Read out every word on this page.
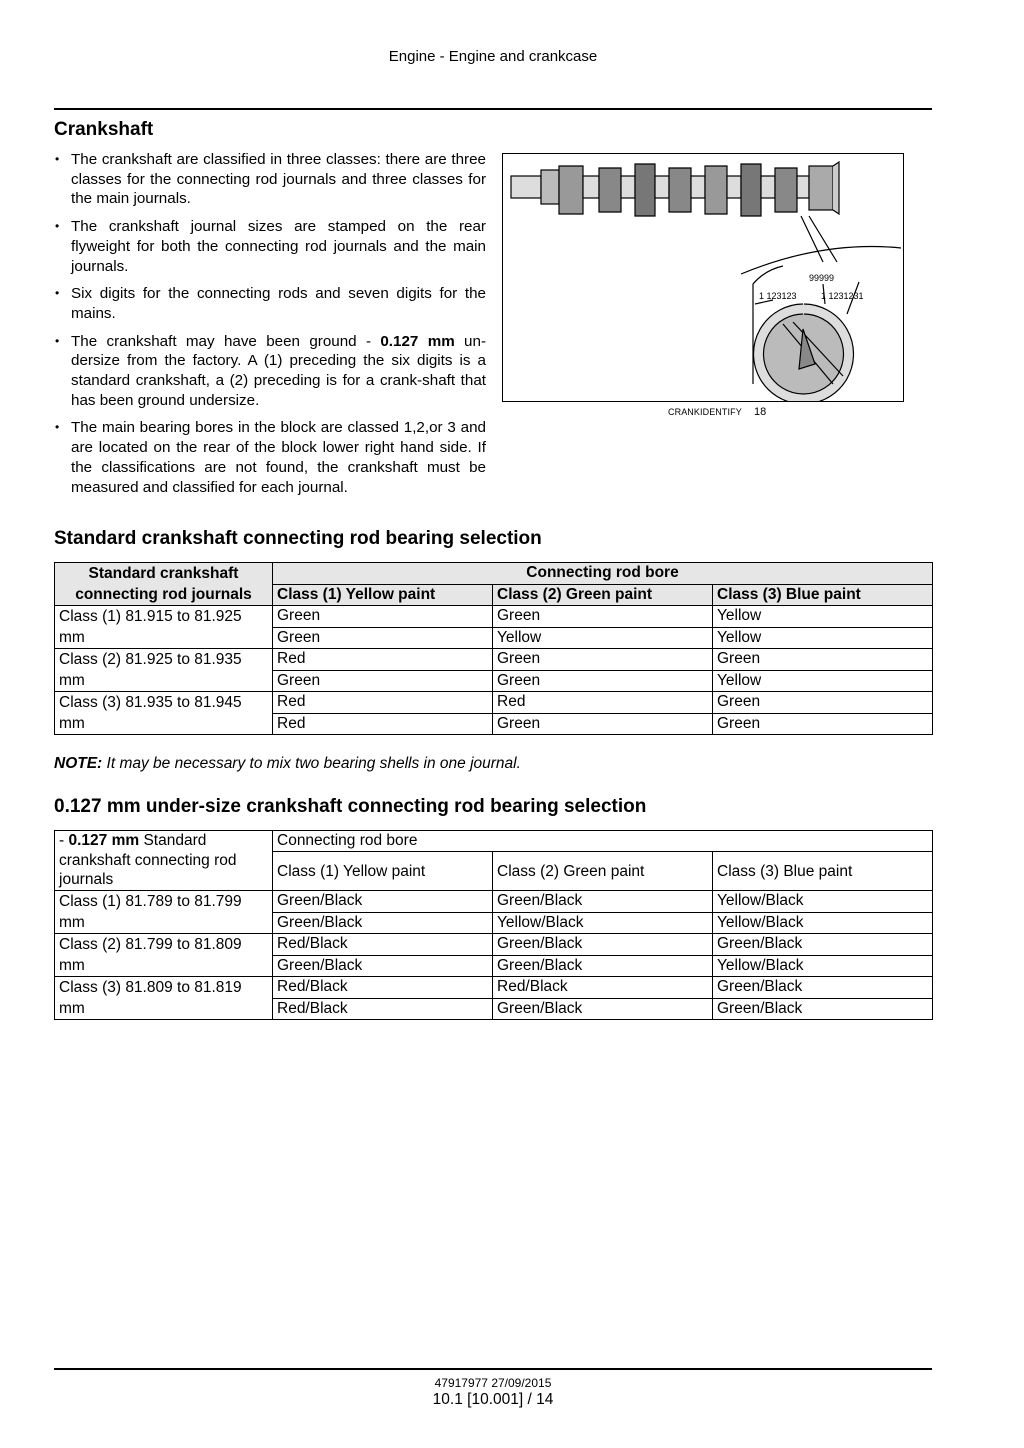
Engine - Engine and crankcase
Crankshaft
• The crankshaft are classified in three classes: there are three classes for the connecting rod journals and three classes for the main journals.
• The crankshaft journal sizes are stamped on the rear flyweight for both the connecting rod journals and the main journals.
• Six digits for the connecting rods and seven digits for the mains.
• The crankshaft may have been ground - 0.127 mm un-dersize from the factory. A (1) preceding the six digits is a standard crankshaft, a (2) preceding is for a crank-shaft that has been ground undersize.
• The main bearing bores in the block are classed 1,2,or 3 and are located on the rear of the block lower right hand side. If the classifications are not found, the crankshaft must be measured and classified for each journal.
99999
1 123123	1 1231231
CRANKIDENTIFY 18
Standard crankshaft connecting rod bearing selection
Standard crankshaft connecting rod journals	Connecting rod bore		
	Class (1) Yellow paint	Class (2) Green paint	Class (3) Blue paint
Class (1) 81.915 to 81.925 mm	Green	Green	Yellow
	Green	Yellow	Yellow
Class (2) 81.925 to 81.935 mm	Red	Green	Green
	Green	Green	Yellow
Class (3) 81.935 to 81.945 mm	Red	Red	Green
	Red	Green	Green
NOTE: It may be necessary to mix two bearing shells in one journal.
0.127 mm under-size crankshaft connecting rod bearing selection
- 0.127 mm Standard crankshaft connecting rod journals	Connecting rod bore		
	Class (1) Yellow paint	Class (2) Green paint	Class (3) Blue paint
Class (1) 81.789 to 81.799 mm	Green/Black	Green/Black	Yellow/Black
	Green/Black	Yellow/Black	Yellow/Black
Class (2) 81.799 to 81.809 mm	Red/Black	Green/Black	Green/Black
	Green/Black	Green/Black	Yellow/Black
Class (3) 81.809 to 81.819 mm	Red/Black	Red/Black	Green/Black
	Red/Black	Green/Black	Green/Black
47917977 27/09/2015
10.1 [10.001] / 14
